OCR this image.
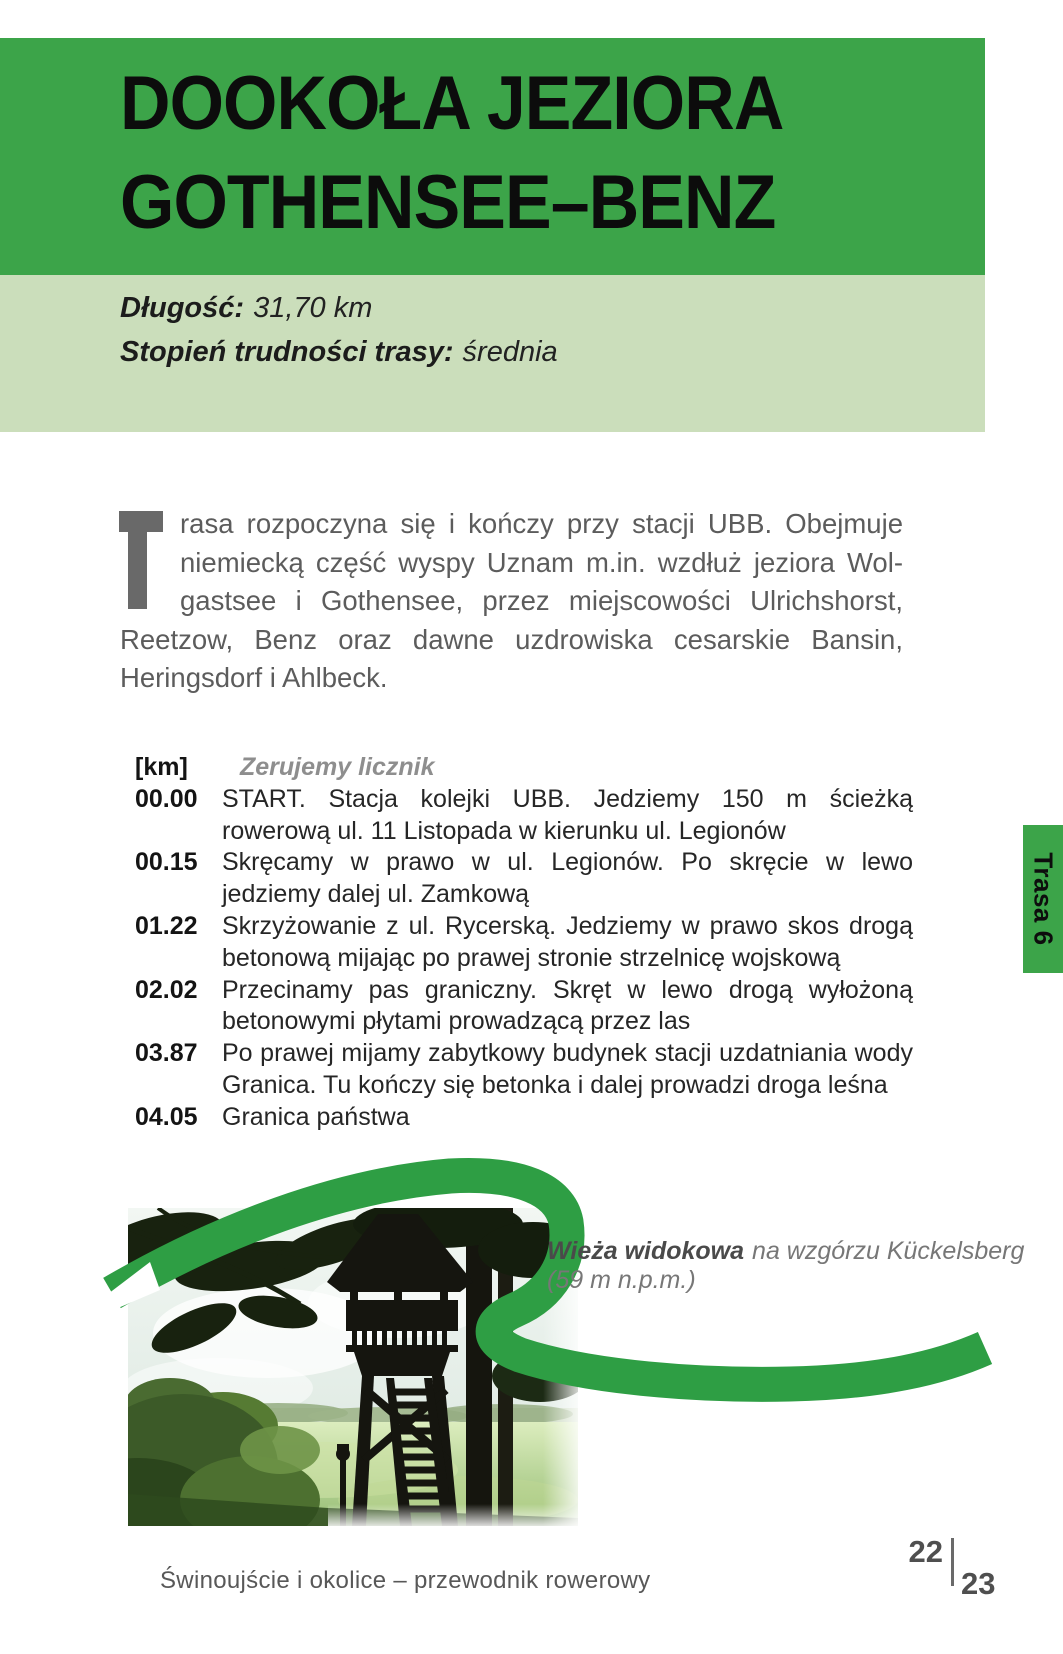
DOOKOŁA JEZIORA
GOTHENSEE–BENZ
Długość: 31,70 km
Stopień trudności trasy: średnia
rasa rozpoczyna się i kończy przy stacji UBB. Obejmuje
niemiecką część wyspy Uznam m.in. wzdłuż jeziora Wol-
gastsee i Gothensee, przez miejscowości Ulrichshorst,
Reetzow, Benz oraz dawne uzdrowiska cesarskie Bansin,
Heringsdorf i Ahlbeck.
[km]	Zerujemy licznik
00.00 START. Stacja kolejki UBB. Jedziemy 150 m ścieżką rowerową ul. 11 Listopada w kierunku ul. Legionów
00.15 Skręcamy w prawo w ul. Legionów. Po skręcie w lewo jedziemy dalej ul. Zamkową
01.22 Skrzyżowanie z ul. Rycerską. Jedziemy w prawo skos drogą betonową mijając po prawej stronie strzelnicę wojskową
02.02 Przecinamy pas graniczny. Skręt w lewo drogą wyłożoną betonowymi płytami prowadzącą przez las
03.87 Po prawej mijamy zabytkowy budynek stacji uzdatniania wody Granica. Tu kończy się betonka i dalej prowadzi droga leśna
04.05 Granica państwa
Wieża widokowa na wzgórzu Kückelsberg
(59 m n.p.m.)
Trasa 6
Świnoujście i okolice – przewodnik rowerowy
22
23
